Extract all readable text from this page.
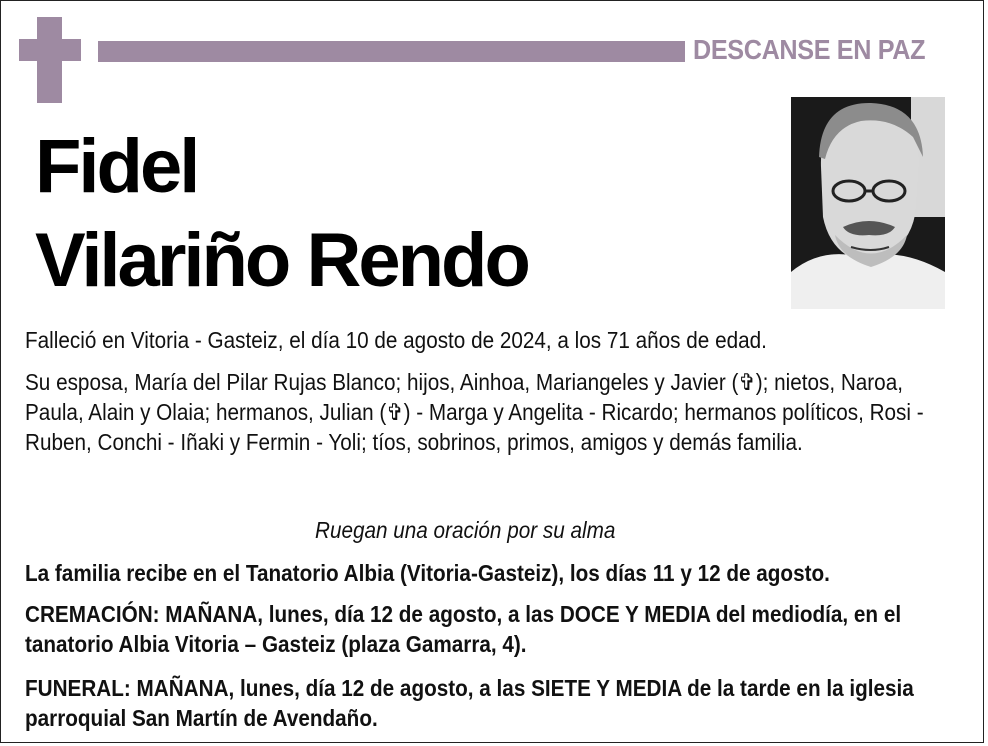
DESCANSE EN PAZ
Fidel
Vilariño Rendo
Falleció en Vitoria - Gasteiz, el día 10 de agosto de 2024, a los 71 años de edad.
Su esposa, María del Pilar Rujas Blanco; hijos, Ainhoa, Mariangeles y Javier (✞); nietos, Naroa, Paula, Alain y Olaia; hermanos, Julian (✞) - Marga y Angelita - Ricardo; hermanos políticos, Rosi - Ruben, Conchi - Iñaki y Fermin - Yoli; tíos, sobrinos, primos, amigos y demás familia.
Ruegan una oración por su alma
La familia recibe en el Tanatorio Albia (Vitoria-Gasteiz), los días 11 y 12 de agosto.
CREMACIÓN: MAÑANA, lunes, día 12 de agosto, a las DOCE Y MEDIA del mediodía, en el tanatorio Albia Vitoria – Gasteiz (plaza Gamarra, 4).
FUNERAL: MAÑANA, lunes, día 12 de agosto, a las SIETE Y MEDIA de la tarde en la iglesia parroquial San Martín de Avendaño.
